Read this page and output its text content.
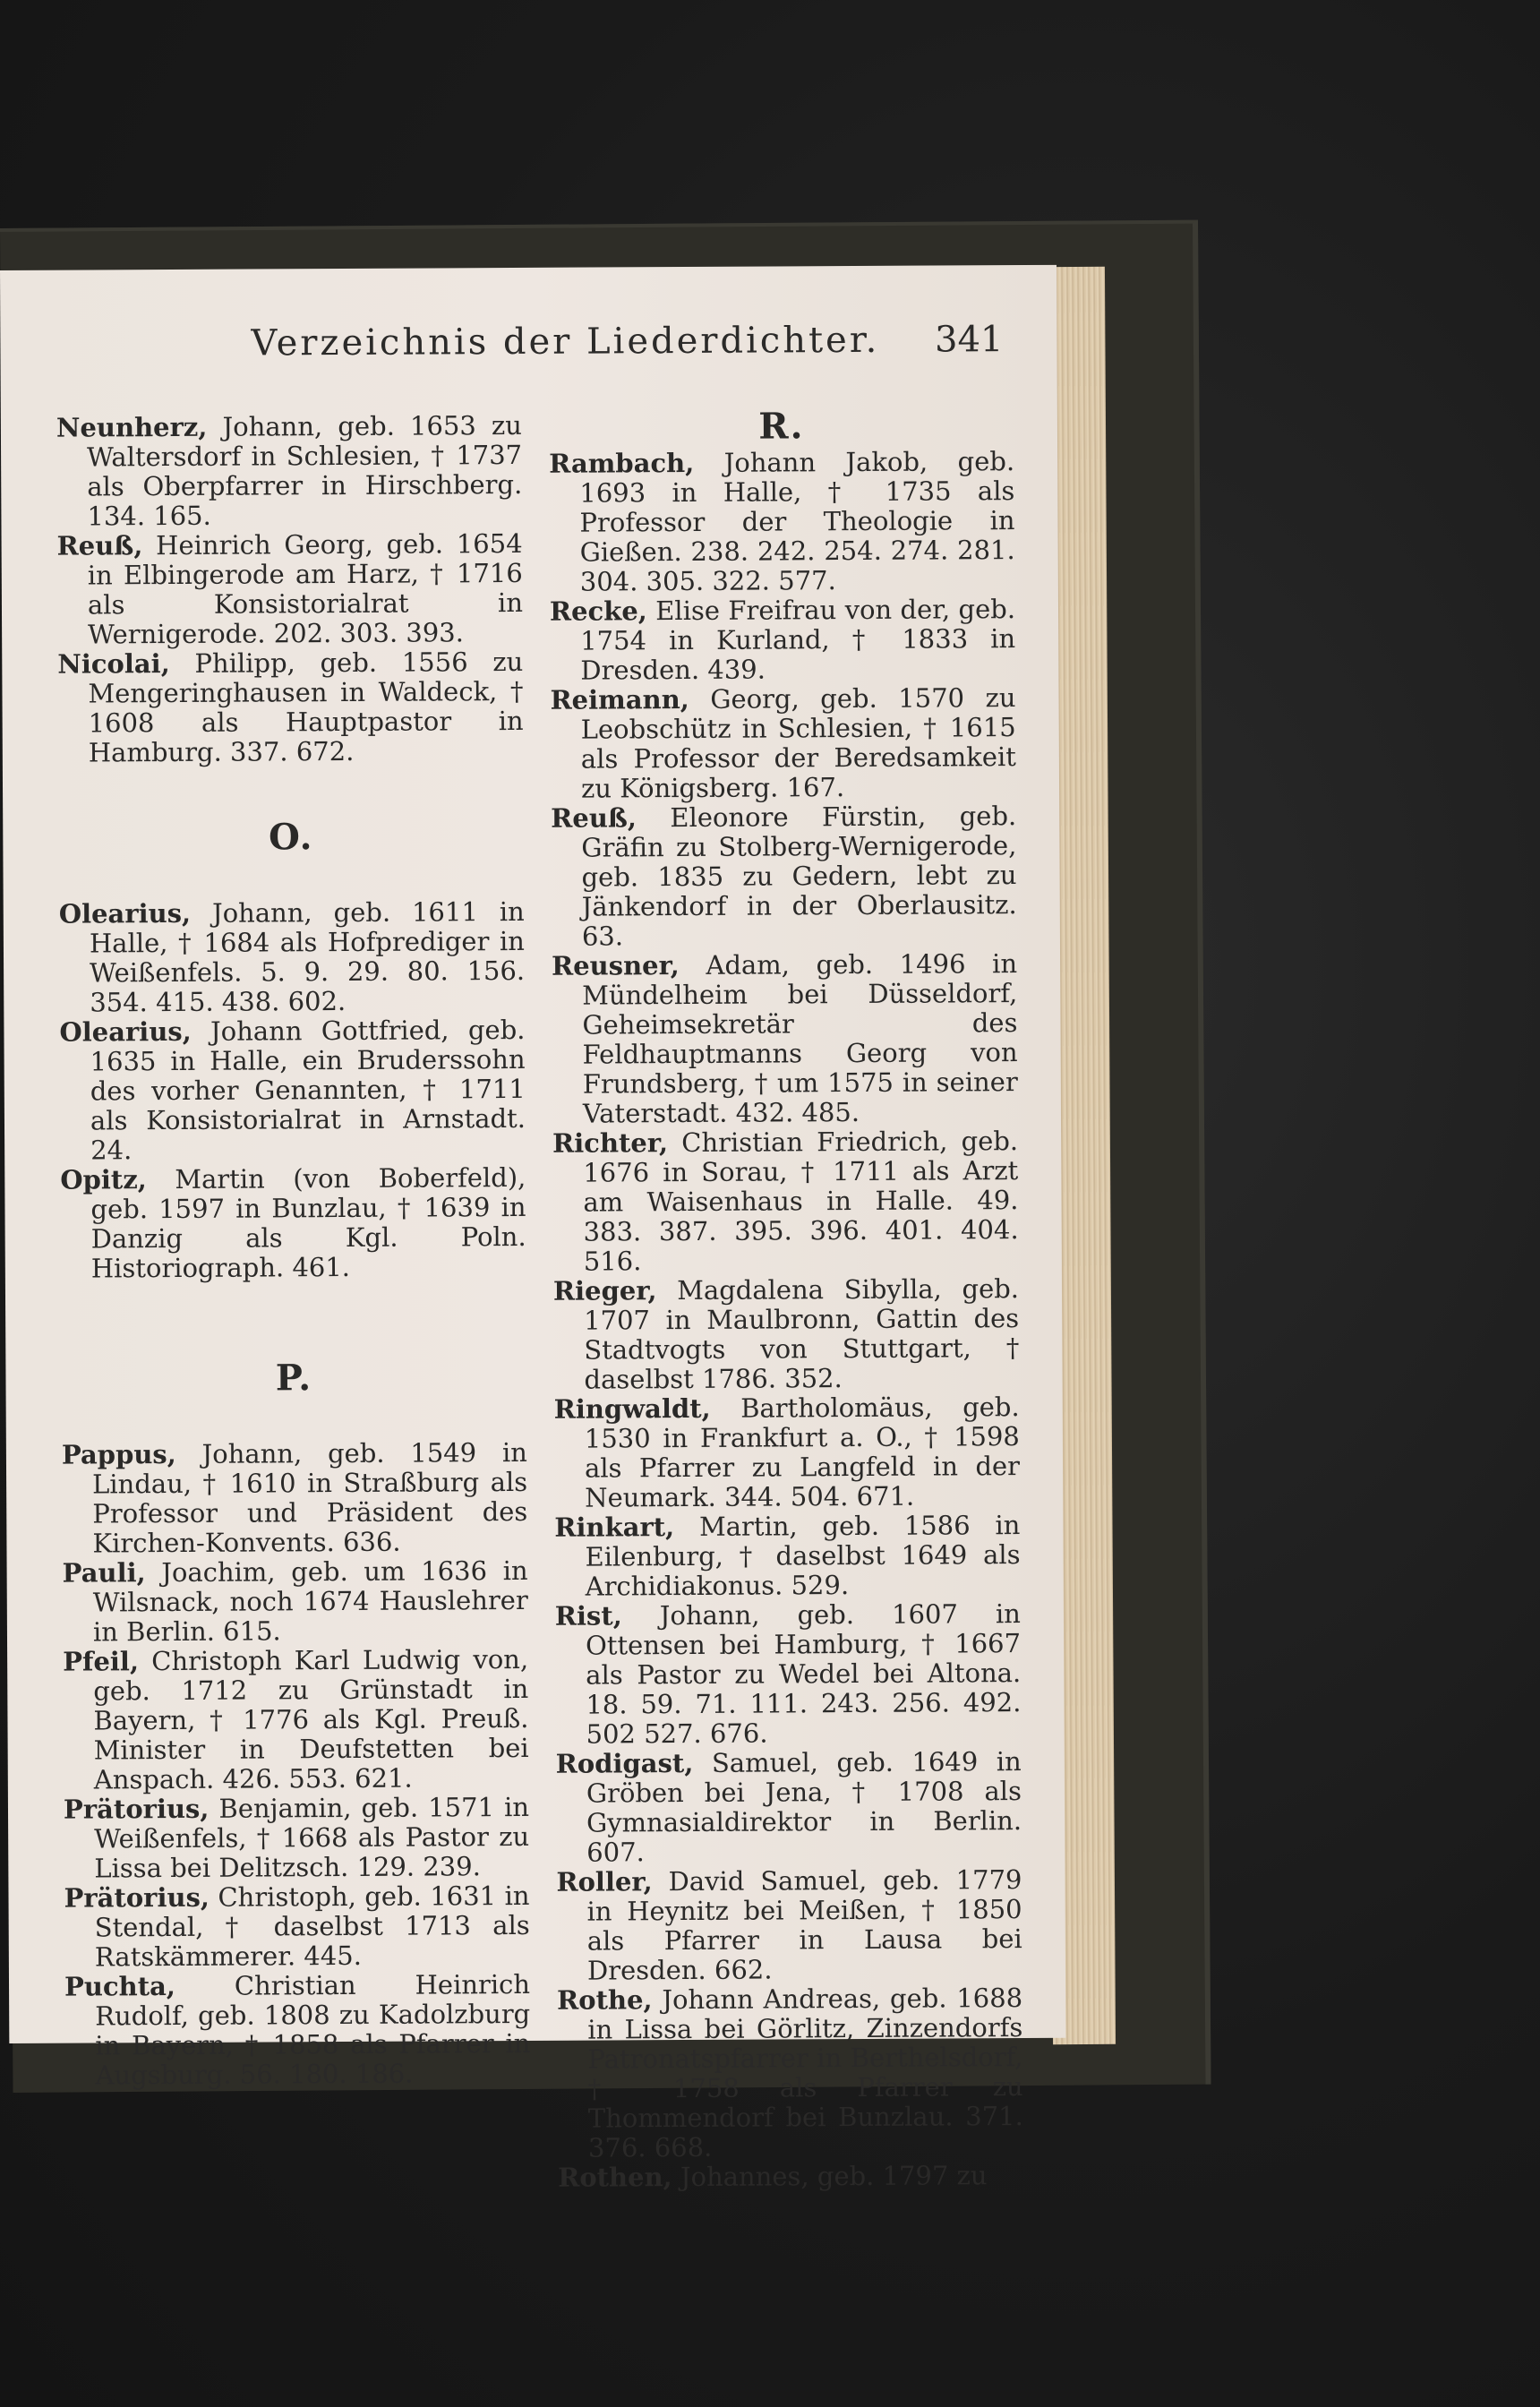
Verzeichnis der Liederdichter. 341
Neunherz, Johann, geb. 1653 zu Waltersdorf in Schlesien, † 1737 als Oberpfarrer in Hirschberg. 134. 165.
Reuß, Heinrich Georg, geb. 1654 in Elbingerode am Harz, † 1716 als Konsistorialrat in Wernigerode. 202. 303. 393.
Nicolai, Philipp, geb. 1556 zu Mengeringhausen in Waldeck, † 1608 als Hauptpastor in Hamburg. 337. 672.
O.
Olearius, Johann, geb. 1611 in Halle, † 1684 als Hofprediger in Weißenfels. 5. 9. 29. 80. 156. 354. 415. 438. 602.
Olearius, Johann Gottfried, geb. 1635 in Halle, ein Bruderssohn des vorher Genannten, † 1711 als Konsistorialrat in Arnstadt. 24.
Opitz, Martin (von Boberfeld), geb. 1597 in Bunzlau, † 1639 in Danzig als Kgl. Poln. Historiograph. 461.
P.
Pappus, Johann, geb. 1549 in Lindau, † 1610 in Straßburg als Professor und Präsident des Kirchen-Konvents. 636.
Pauli, Joachim, geb. um 1636 in Wilsnack, noch 1674 Hauslehrer in Berlin. 615.
Pfeil, Christoph Karl Ludwig von, geb. 1712 zu Grünstadt in Bayern, † 1776 als Kgl. Preuß. Minister in Deufstetten bei Anspach. 426. 553. 621.
Prätorius, Benjamin, geb. 1571 in Weißenfels, † 1668 als Pastor zu Lissa bei Delitzsch. 129. 239.
Prätorius, Christoph, geb. 1631 in Stendal, † daselbst 1713 als Ratskämmerer. 445.
Puchta, Christian Heinrich Rudolf, geb. 1808 zu Kadolzburg in Bayern, † 1858 als Pfarrer in Augsburg. 56. 180. 186.
R.
Rambach, Johann Jakob, geb. 1693 in Halle, † 1735 als Professor der Theologie in Gießen. 238. 242. 254. 274. 281. 304. 305. 322. 577.
Recke, Elise Freifrau von der, geb. 1754 in Kurland, † 1833 in Dresden. 439.
Reimann, Georg, geb. 1570 zu Leobschütz in Schlesien, † 1615 als Professor der Beredsamkeit zu Königsberg. 167.
Reuß, Eleonore Fürstin, geb. Gräfin zu Stolberg-Wernigerode, geb. 1835 zu Gedern, lebt zu Jänkendorf in der Oberlausitz. 63.
Reusner, Adam, geb. 1496 in Mündelheim bei Düsseldorf, Geheimsekretär des Feldhauptmanns Georg von Frundsberg, † um 1575 in seiner Vaterstadt. 432. 485.
Richter, Christian Friedrich, geb. 1676 in Sorau, † 1711 als Arzt am Waisenhaus in Halle. 49. 383. 387. 395. 396. 401. 404. 516.
Rieger, Magdalena Sibylla, geb. 1707 in Maulbronn, Gattin des Stadtvogts von Stuttgart, † daselbst 1786. 352.
Ringwaldt, Bartholomäus, geb. 1530 in Frankfurt a. O., † 1598 als Pfarrer zu Langfeld in der Neumark. 344. 504. 671.
Rinkart, Martin, geb. 1586 in Eilenburg, † daselbst 1649 als Archidiakonus. 529.
Rist, Johann, geb. 1607 in Ottensen bei Hamburg, † 1667 als Pastor zu Wedel bei Altona. 18. 59. 71. 111. 243. 256. 492. 502 527. 676.
Rodigast, Samuel, geb. 1649 in Gröben bei Jena, † 1708 als Gymnasialdirektor in Berlin. 607.
Roller, David Samuel, geb. 1779 in Heynitz bei Meißen, † 1850 als Pfarrer in Lausa bei Dresden. 662.
Rothe, Johann Andreas, geb. 1688 in Lissa bei Görlitz, Zinzendorfs Patronatspfarrer in Berthelsdorf, † 1758 als Pfarrer zu Thommendorf bei Bunzlau. 371. 376. 668.
Rothen, Johannes, geb. 1797 zu
